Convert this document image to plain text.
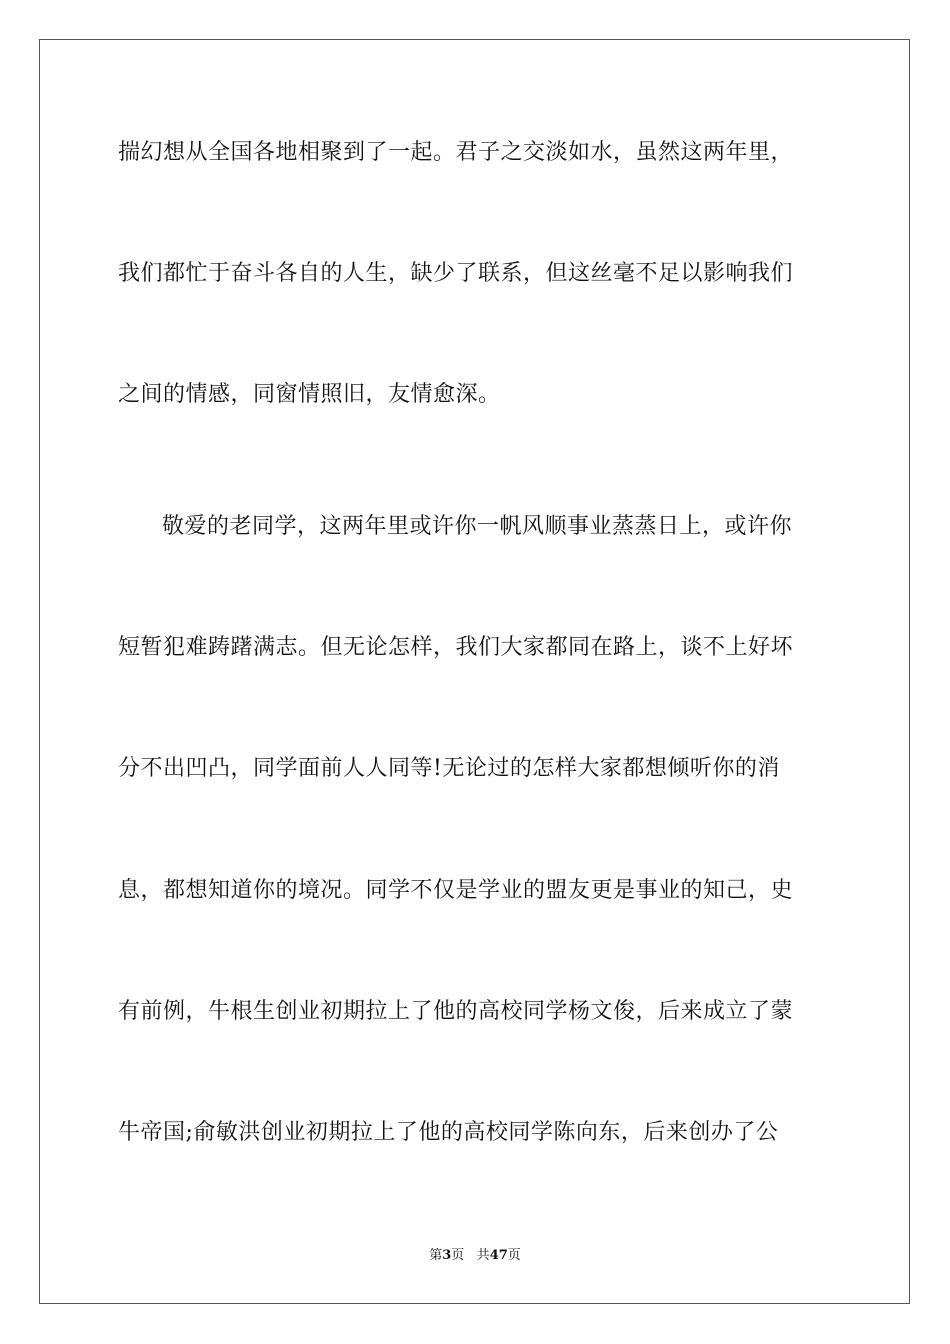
揣幻想从全国各地相聚到了一起。君子之交淡如水，虽然这两年里，
我们都忙于奋斗各自的人生，缺少了联系，但这丝毫不足以影响我们
之间的情感，同窗情照旧，友情愈深。
敬爱的老同学，这两年里或许你一帆风顺事业蒸蒸日上，或许你
短暂犯难踌躇满志。但无论怎样，我们大家都同在路上，谈不上好坏
分不出凹凸，同学面前人人同等!无论过的怎样大家都想倾听你的消
息，都想知道你的境况。同学不仅是学业的盟友更是事业的知己，史
有前例，牛根生创业初期拉上了他的高校同学杨文俊，后来成立了蒙
牛帝国;俞敏洪创业初期拉上了他的高校同学陈向东，后来创办了公
第3页 共47页
